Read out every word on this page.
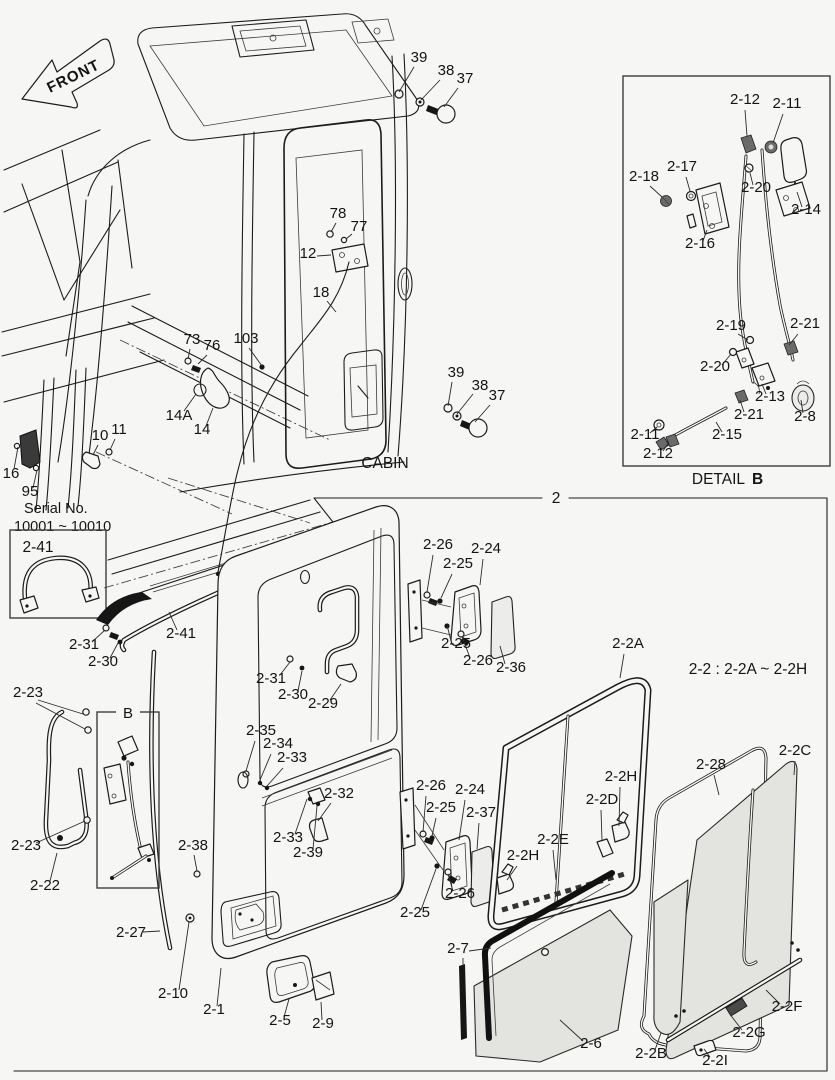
Serial No.
10001 ~ 10010
FRONT
CABIN
2
2-41
B
DETAIL B
2-2 : 2-2A ~ 2-2H
39
38 37
78
77
12
18
73 76 103
14A
14
10 11
16
95
39
38
37
2-41
2-31
2-30
2-31
2-30
2-29
2-23
2-23
2-22
2-38
2-35
2-34
2-33
2-32
2-33
2-39
2-26
2-25
2-24
2-25
2-26 2-36
2-26 2-24
2-25 2-37
2-26
2-25
2-27
2-10
2-1
2-5 2-9
2-2A
2-2H
2-2D
2-2E
2-2H
2-28
2-2C
2-7
2-6
2-2B
2-2F
2-2G
2-2I
2-12 2-11
2-18
2-17
2-20
2-14
2-16
2-19	2-21
2-20
2-13
2-21 2-8
2-11	2-15
2-12
